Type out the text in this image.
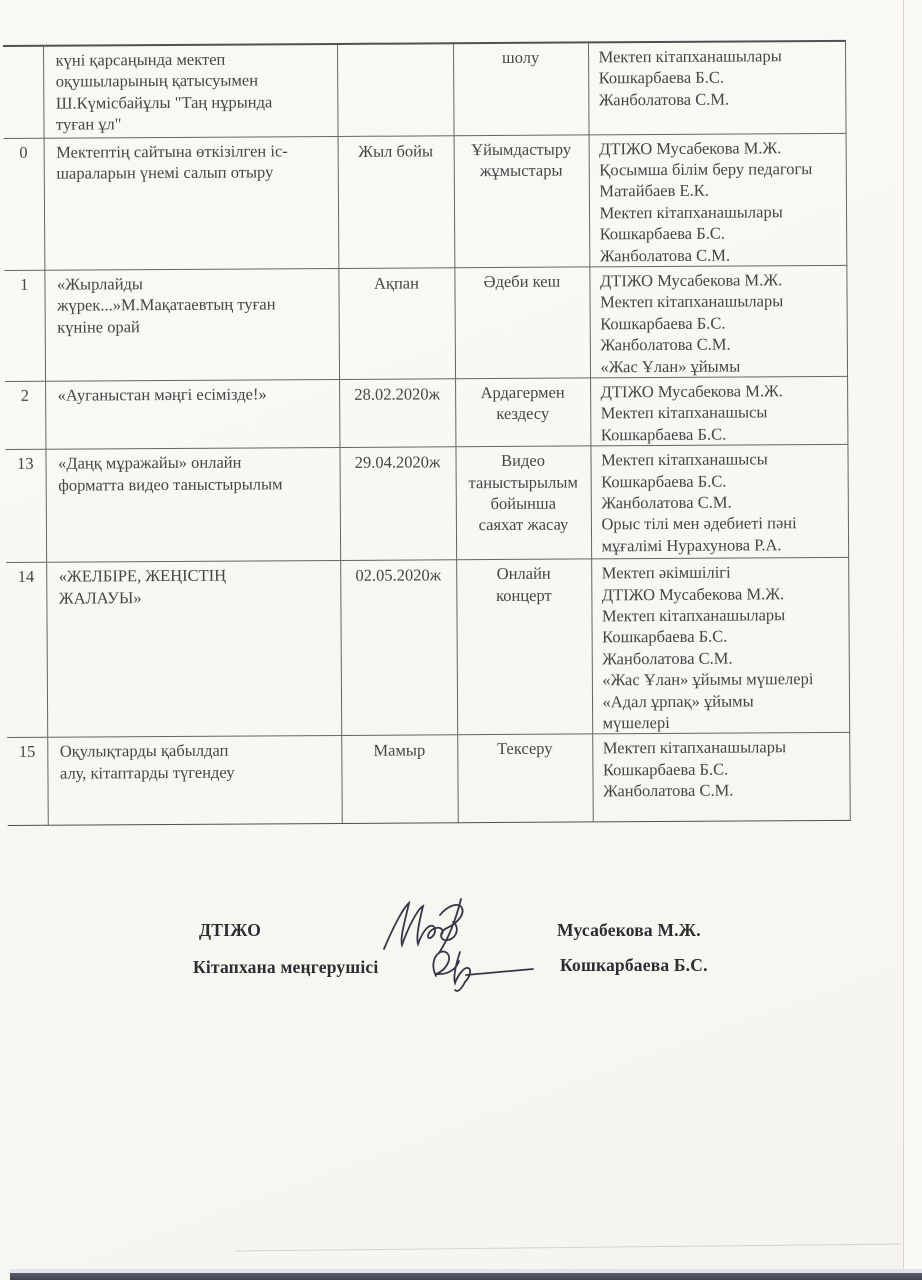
	күні қарсаңында мектеп
оқушыларының қатысуымен
Ш.Күмісбайұлы "Таң нұрында
туған ұл"		шолу	Мектеп кітапханашылары
Кошкарбаева Б.С.
Жанболатова С.М.
0	Мектептің сайтына өткізілген іс-
шараларын үнемі салып отыру	Жыл бойы	Ұйымдастыру
жұмыстары	ДТІЖО Мусабекова М.Ж.
Қосымша білім беру педагогы
Матайбаев Е.К.
Мектеп кітапханашылары
Кошкарбаева Б.С.
Жанболатова С.М.
1	«Жырлайды
жүрек...»М.Мақатаевтың туған
күніне орай	Ақпан	Әдеби кеш	ДТІЖО Мусабекова М.Ж.
Мектеп кітапханашылары
Кошкарбаева Б.С.
Жанболатова С.М.
«Жас Ұлан» ұйымы
2	«Ауганыстан мәңгі есімізде!»	28.02.2020ж	Ардагермен
кездесу	ДТІЖО Мусабекова М.Ж.
Мектеп кітапханашысы
Кошкарбаева Б.С.
13	«Даңқ мұражайы» онлайн
форматта видео таныстырылым	29.04.2020ж	Видео
таныстырылым
бойынша
саяхат жасау	Мектеп кітапханашысы
Кошкарбаева Б.С.
Жанболатова С.М.
Орыс тілі мен әдебиеті пәні
мұғалімі Нурахунова Р.А.
14	«ЖЕЛБІРЕ, ЖЕҢІСТІҢ
ЖАЛАУЫ»	02.05.2020ж	Онлайн
концерт	Мектеп әкімшілігі
ДТІЖО Мусабекова М.Ж.
Мектеп кітапханашылары
Кошкарбаева Б.С.
Жанболатова С.М.
«Жас Ұлан» ұйымы мүшелері
«Адал ұрпақ» ұйымы
мүшелері
15	Оқулықтарды қабылдап
алу, кітаптарды түгендеу	Мамыр	Тексеру	Мектеп кітапханашылары
Кошкарбаева Б.С.
Жанболатова С.М.
ДТІЖО	Мусабекова М.Ж.
Кітапхана меңгерушісі	Кошкарбаева Б.С.
